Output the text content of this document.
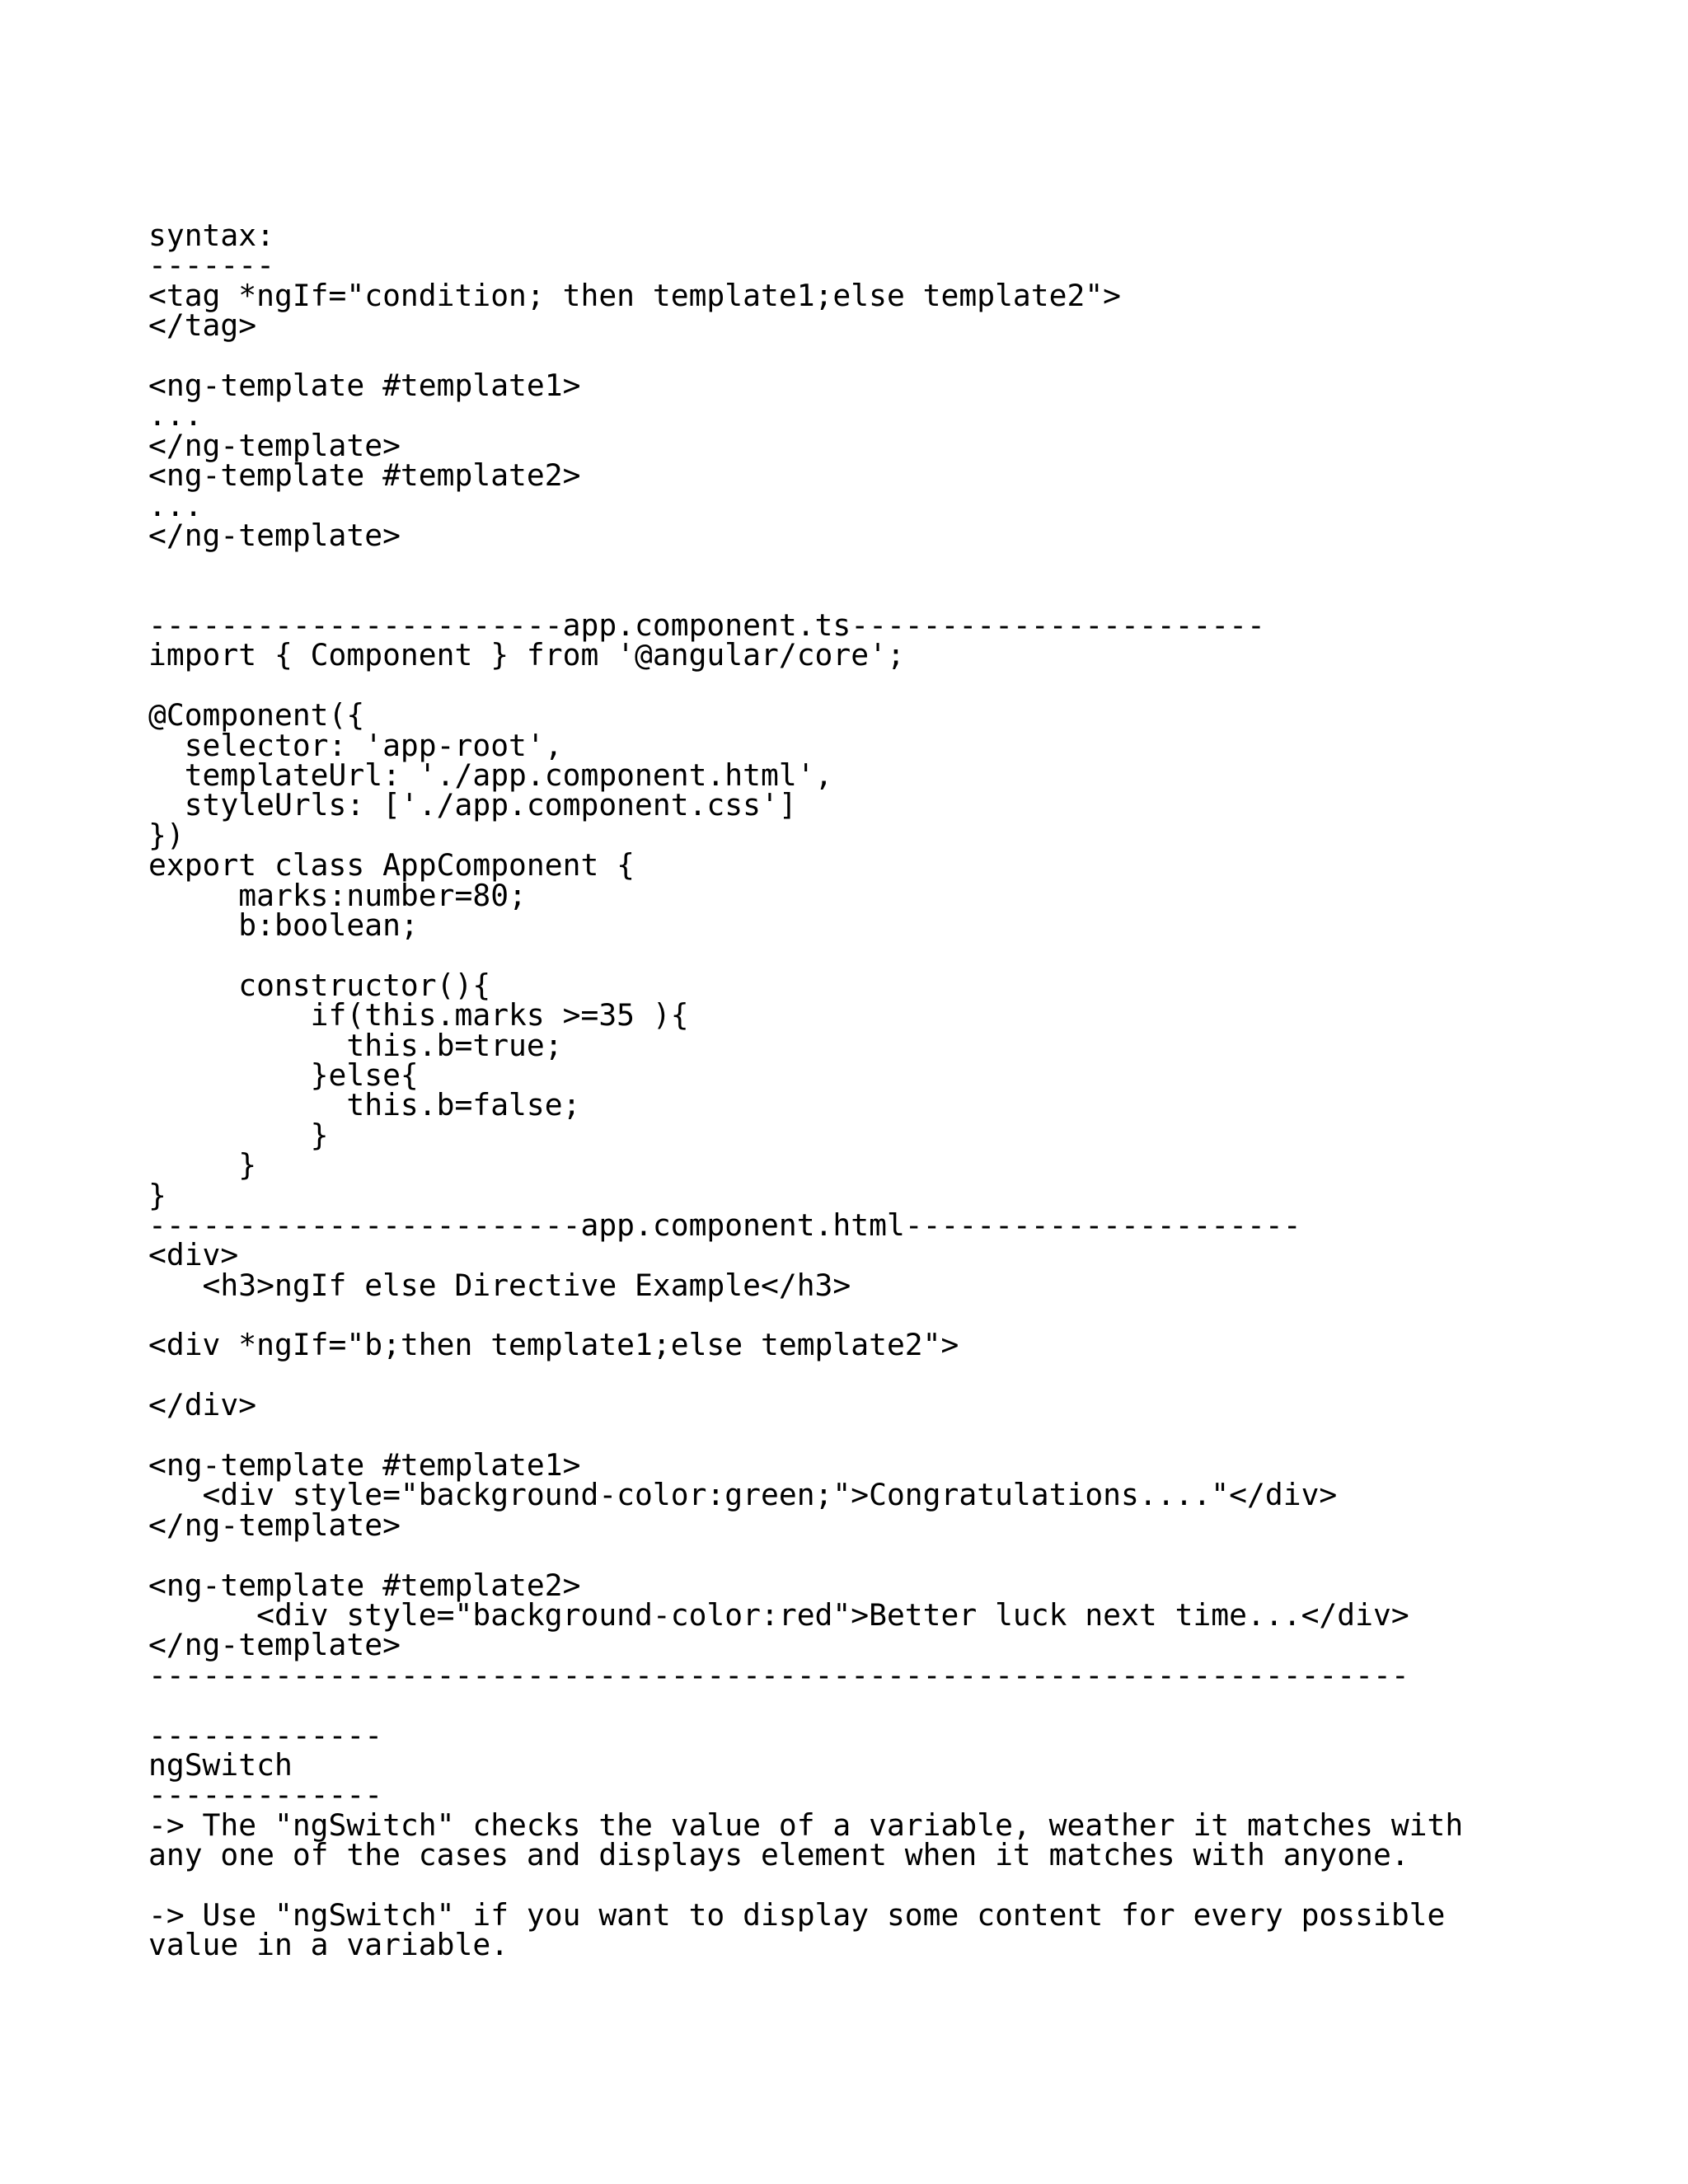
syntax:
-------
<tag *ngIf="condition; then template1;else template2">
</tag>
<ng-template #template1>
...
</ng-template>
<ng-template #template2>
...
</ng-template>
-----------------------app.component.ts-----------------------
import { Component } from '@angular/core';
@Component({
selector: 'app-root',
templateUrl: './app.component.html',
styleUrls: ['./app.component.css']
})
export class AppComponent {
marks:number=80;
b:boolean;
constructor(){
if(this.marks >=35 ){
this.b=true;
}else{
this.b=false;
}
}
}
------------------------app.component.html----------------------
<div>
<h3>ngIf else Directive Example</h3>
<div *ngIf="b;then template1;else template2">
</div>
<ng-template #template1>
<div style="background-color:green;">Congratulations...."</div>
</ng-template>
<ng-template #template2>
<div style="background-color:red">Better luck next time...</div>
</ng-template>
----------------------------------------------------------------------
-------------
ngSwitch
-------------
-> The "ngSwitch" checks the value of a variable, weather it matches with
any one of the cases and displays element when it matches with anyone.
-> Use "ngSwitch" if you want to display some content for every possible
value in a variable.
